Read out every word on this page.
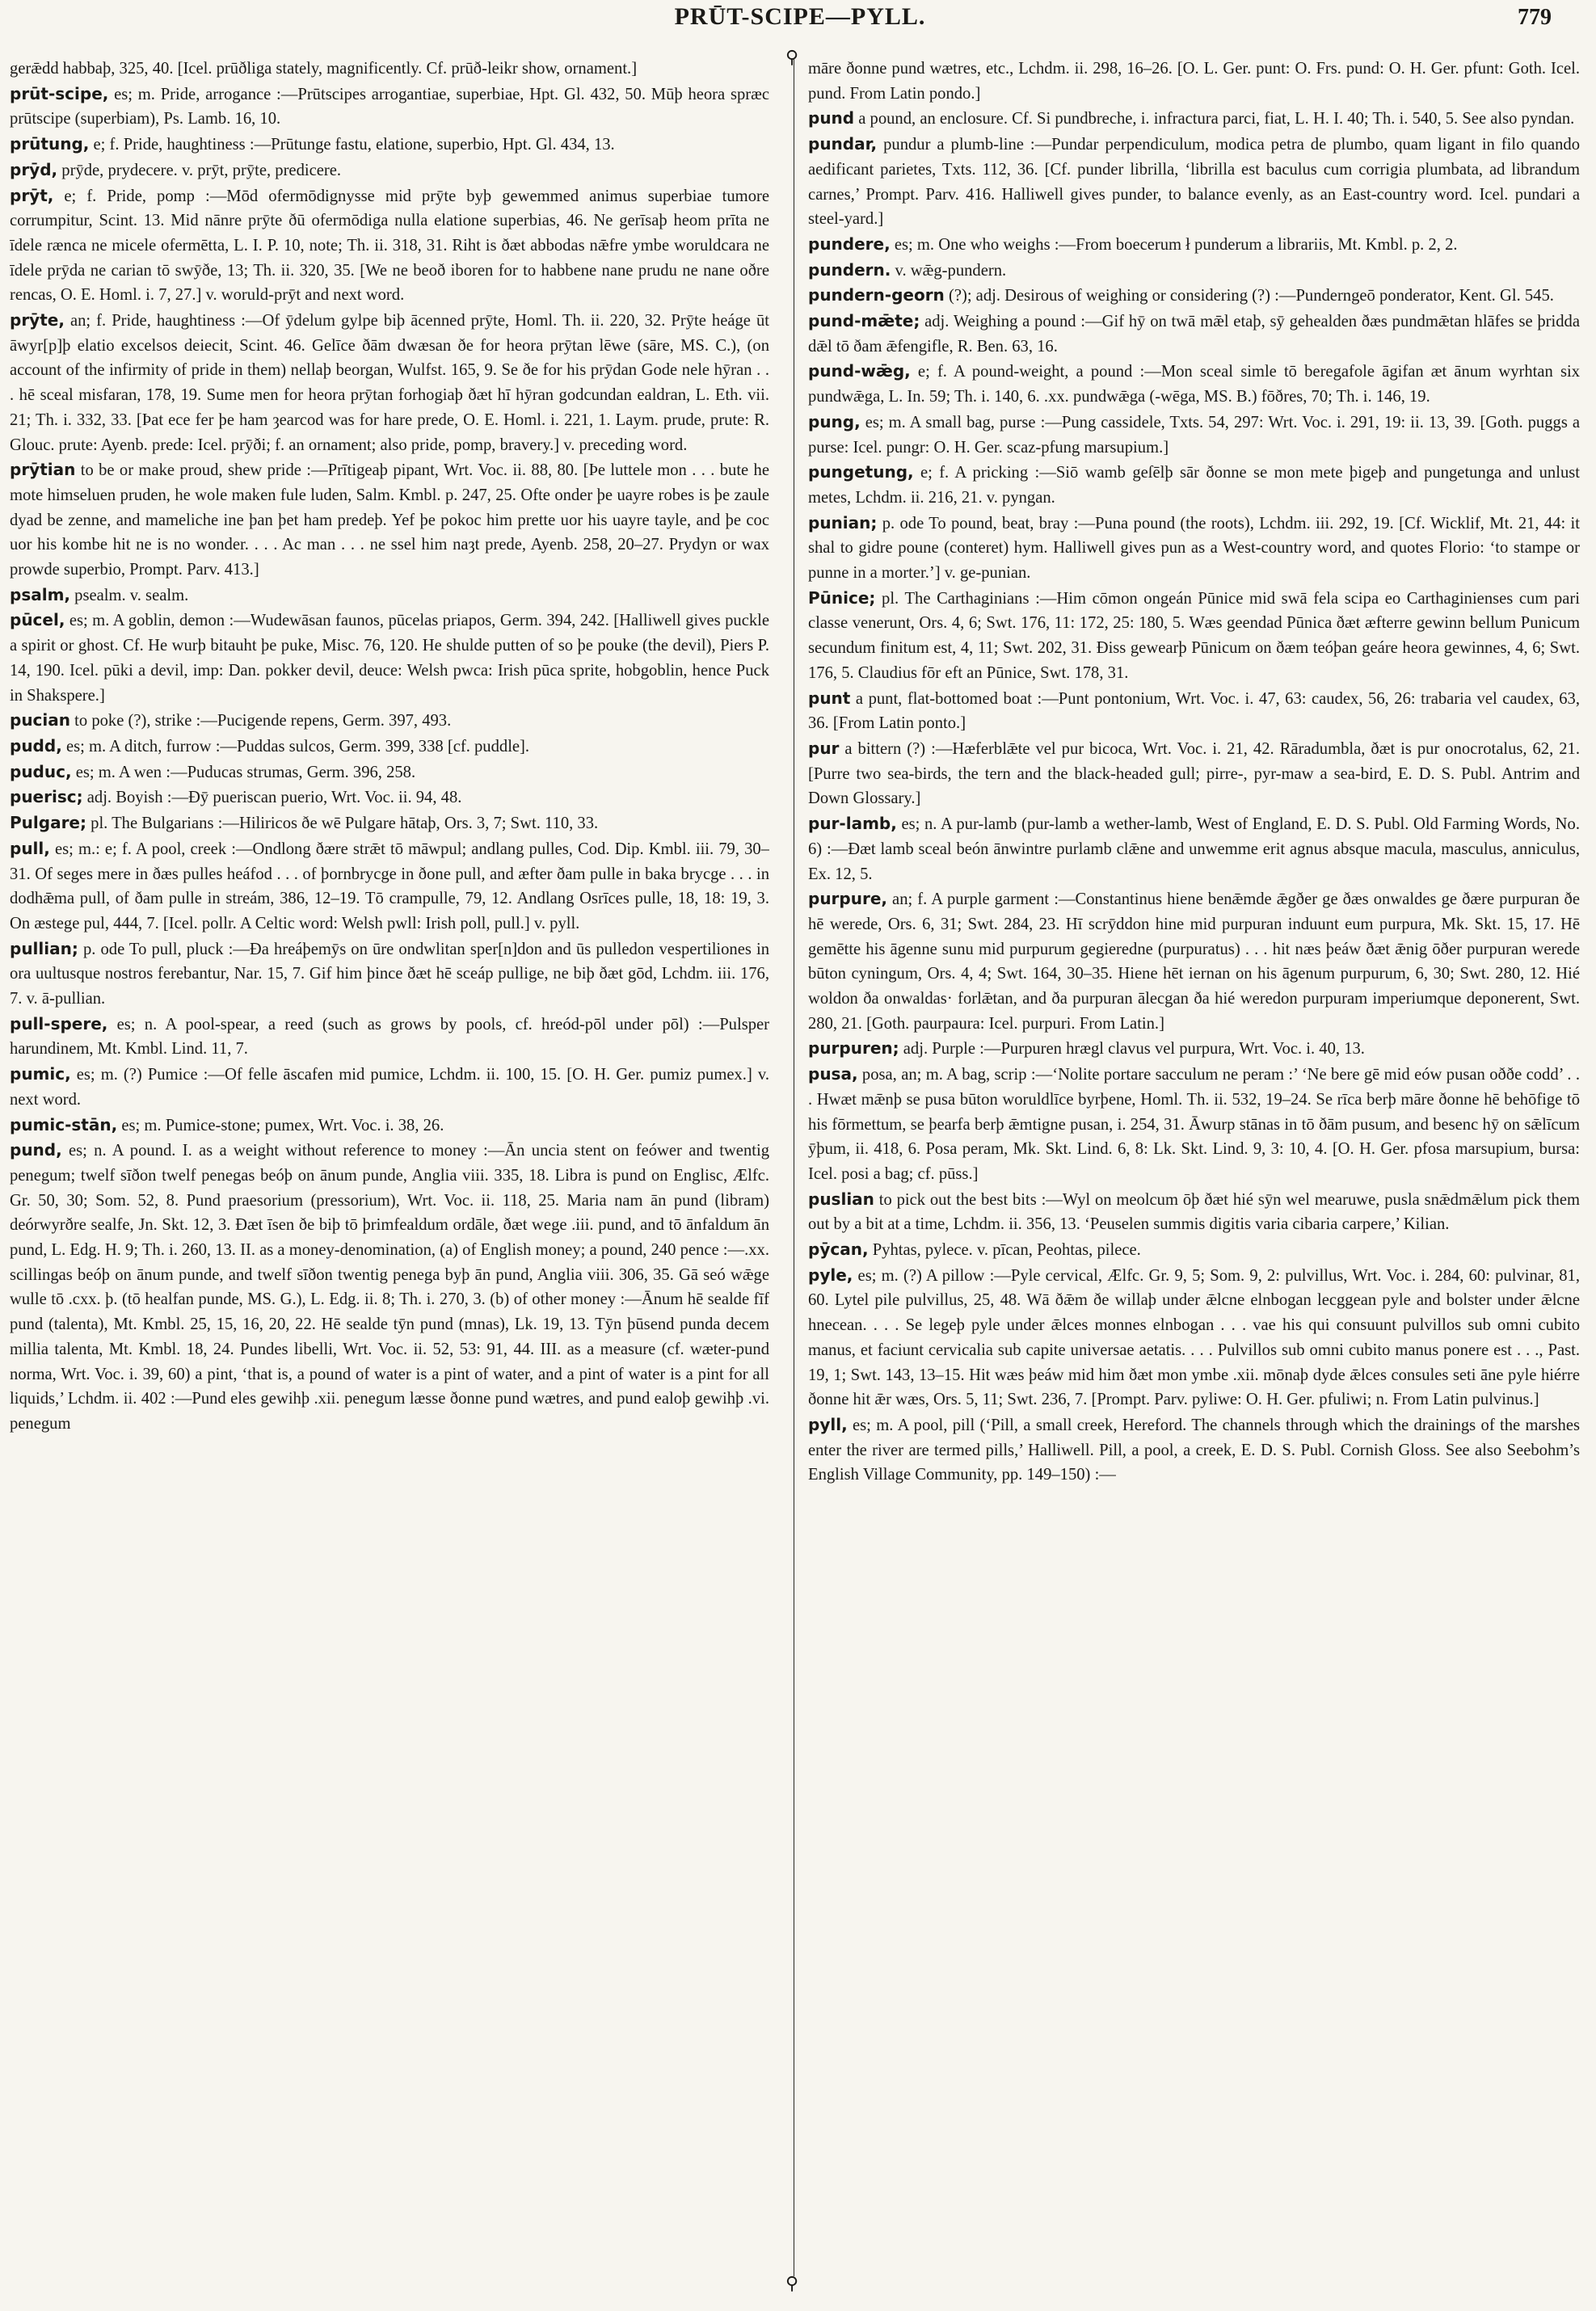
PRŪT-SCIPE—PYLL.	779
⚲
⚲

gerǣdd habbaþ, 325, 40. [Icel. prūðliga stately, magnificently. Cf. prūð-leikr show, ornament.]

prūt-scipe, es; m. Pride, arrogance :—Prūtscipes arrogantiae, superbiae, Hpt. Gl. 432, 50. Mūþ heora spræc prūtscipe (superbiam), Ps. Lamb. 16, 10.

prūtung, e; f. Pride, haughtiness :—Prūtunge fastu, elatione, superbio, Hpt. Gl. 434, 13.

prȳd, prȳde, prydecere. v. prȳt, prȳte, predicere.

prȳt, e; f. Pride, pomp :—Mōd ofermōdignysse mid prȳte byþ gewemmed animus superbiae tumore corrumpitur, Scint. 13. Mid nānre prȳte ðū ofermōdiga nulla elatione superbias, 46. Ne gerīsaþ heom prīta ne īdele ræncа ne micele ofermētta, L. I. P. 10, note; Th. ii. 318, 31. Riht is ðæt abbodas nǣfre ymbe woruldcara ne īdele prȳda ne carian tō swȳðe, 13; Th. ii. 320, 35. [We ne beoð iboren for to habbene nane prudu ne nane oðre rencas, O. E. Homl. i. 7, 27.] v. woruld-prȳt and next word.

prȳte, an; f. Pride, haughtiness :—Of ȳdelum gylpe biþ ācenned prȳte, Homl. Th. ii. 220, 32. Prȳte heáge ūt āwyr[p]þ elatio excelsos deiecit, Scint. 46. Gelīce ðām dwæsan ðe for heora prȳtan lēwe (sāre, MS. C.), (on account of the infirmity of pride in them) nellaþ beorgan, Wulfst. 165, 9. Se ðe for his prȳdan Gode nele hȳran . . . hē sceal misfaran, 178, 19. Sume men for heora prȳtan forhogiaþ ðæt hī hȳran godcundan ealdran, L. Eth. vii. 21; Th. i. 332, 33. [Þat ece fer þe ham ȝearcod was for hare prede, O. E. Homl. i. 221, 1. Laym. prude, prute: R. Glouc. prute: Ayenb. prede: Icel. prȳði; f. an ornament; also pride, pomp, bravery.] v. preceding word.

prȳtian to be or make proud, shew pride :—Prītigeaþ pipant, Wrt. Voc. ii. 88, 80. [Þe luttele mon . . . bute he mote himseluen pruden, he wole maken fule luden, Salm. Kmbl. p. 247, 25. Ofte onder þe uayre robes is þe zaule dyad be zenne, and mameliche ine þan þet ham predeþ. Yef þe pokoc him prette uor his uayre tayle, and þe coc uor his kombe hit ne is no wonder. . . . Ac man . . . ne ssel him naȝt prede, Ayenb. 258, 20–27. Prydyn or wax prowde superbio, Prompt. Parv. 413.]

psalm, psealm. v. sealm.

pūcel, es; m. A goblin, demon :—Wudewāsan faunos, pūcelas priapos, Germ. 394, 242. [Halliwell gives puckle a spirit or ghost. Cf. He wurþ bitauht þe puke, Misc. 76, 120. He shulde putten of so þe pouke (the devil), Piers P. 14, 190. Icel. pūki a devil, imp: Dan. pokker devil, deuce: Welsh pwca: Irish pūca sprite, hobgoblin, hence Puck in Shakspere.]

pucian to poke (?), strike :—Pucigende repens, Germ. 397, 493.

pudd, es; m. A ditch, furrow :—Puddas sulcos, Germ. 399, 338 [cf. puddle].

puduc, es; m. A wen :—Puducas strumas, Germ. 396, 258.

puerisc; adj. Boyish :—Ðȳ pueriscan puerio, Wrt. Voc. ii. 94, 48.

Pulgare; pl. The Bulgarians :—Hiliricos ðe wē Pulgare hātaþ, Ors. 3, 7; Swt. 110, 33.

pull, es; m.: e; f. A pool, creek :—Ondlong ðære strǣt tō māwpul; andlang pulles, Cod. Dip. Kmbl. iii. 79, 30–31. Of seges mere in ðæs pulles heáfod . . . of þornbrycge in ðone pull, and æfter ðam pulle in baka brycge . . . in dodhǣma pull, of ðam pulle in streám, 386, 12–19. Tō crampulle, 79, 12. Andlang Osrīces pulle, 18, 18: 19, 3. On æstege pul, 444, 7. [Icel. pollr. A Celtic word: Welsh pwll: Irish poll, pull.] v. pyll.

pullian; p. ode To pull, pluck :—Ða hreáþemȳs on ūre ondwlitan sper[n]don and ūs pulledon vespertiliones in ora uultusque nostros ferebantur, Nar. 15, 7. Gif him þince ðæt hē sceáp pullige, ne biþ ðæt gōd, Lchdm. iii. 176, 7. v. ā-pullian.

pull-spere, es; n. A pool-spear, a reed (such as grows by pools, cf. hreód-pōl under pōl) :—Pulsper harundinem, Mt. Kmbl. Lind. 11, 7.

pumic, es; m. (?) Pumice :—Of felle āscafen mid pumice, Lchdm. ii. 100, 15. [O. H. Ger. pumiz pumex.] v. next word.

pumic-stān, es; m. Pumice-stone; pumex, Wrt. Voc. i. 38, 26.

pund, es; n. A pound. I. as a weight without reference to money :—Ān uncia stent on feówer and twentig penegum; twelf sīðon twelf penegas beóþ on ānum punde, Anglia viii. 335, 18. Libra is pund on Englisc, Ælfc. Gr. 50, 30; Som. 52, 8. Pund praesorium (pressorium), Wrt. Voc. ii. 118, 25. Maria nam ān pund (libram) deórwyrðre sealfe, Jn. Skt. 12, 3. Ðæt īsen ðe biþ tō þrimfealdum ordāle, ðæt wege .iii. pund, and tō ānfaldum ān pund, L. Edg. H. 9; Th. i. 260, 13. II. as a money-denomination, (a) of English money; a pound, 240 pence :—.xx. scillingas beóþ on ānum punde, and twelf sīðon twentig penega byþ ān pund, Anglia viii. 306, 35. Gā seó wǣge wulle tō .cxx. þ. (tō healfan punde, MS. G.), L. Edg. ii. 8; Th. i. 270, 3. (b) of other money :—Ānum hē sealde fīf pund (talenta), Mt. Kmbl. 25, 15, 16, 20, 22. Hē sealde tȳn pund (mnas), Lk. 19, 13. Tȳn þūsend punda decem millia talenta, Mt. Kmbl. 18, 24. Pundes libelli, Wrt. Voc. ii. 52, 53: 91, 44. III. as a measure (cf. wæter-pund norma, Wrt. Voc. i. 39, 60) a pint, ‘that is, a pound of water is a pint of water, and a pint of water is a pint for all liquids,’ Lchdm. ii. 402 :—Pund eles gewihþ .xii. penegum læsse ðonne pund wætres, and pund ealoþ gewihþ .vi. penegum

māre ðonne pund wætres, etc., Lchdm. ii. 298, 16–26. [O. L. Ger. punt: O. Frs. pund: O. H. Ger. pfunt: Goth. Icel. pund. From Latin pondo.]

pund a pound, an enclosure. Cf. Si pundbreche, i. infractura parci, fiat, L. H. I. 40; Th. i. 540, 5. See also pyndan.

pundar, pundur a plumb-line :—Pundar perpendiculum, modica petra de plumbo, quam ligant in filo quando aedificant parietes, Txts. 112, 36. [Cf. punder librilla, ‘librilla est baculus cum corrigia plumbata, ad librandum carnes,’ Prompt. Parv. 416. Halliwell gives punder, to balance evenly, as an East-country word. Icel. pundari a steel-yard.]

pundere, es; m. One who weighs :—From boecerum ł punderum a librariis, Mt. Kmbl. p. 2, 2.

pundern. v. wǣg-pundern.

pundern-georn (?); adj. Desirous of weighing or considering (?) :—Punderngeō ponderator, Kent. Gl. 545.

pund-mǣte; adj. Weighing a pound :—Gif hȳ on twā mǣl etaþ, sȳ gehealden ðæs pundmǣtan hlāfes se þridda dǣl tō ðam ǣfengifle, R. Ben. 63, 16.

pund-wǣg, e; f. A pound-weight, a pound :—Mon sceal simle tō beregafole āgifan æt ānum wyrhtan six pundwǣga, L. In. 59; Th. i. 140, 6. .xx. pundwǣga (-wēga, MS. B.) fōðres, 70; Th. i. 146, 19.

pung, es; m. A small bag, purse :—Pung cassidele, Txts. 54, 297: Wrt. Voc. i. 291, 19: ii. 13, 39. [Goth. puggs a purse: Icel. pungr: O. H. Ger. scaz-pfung marsupium.]

pungetung, e; f. A pricking :—Siō wamb geſēlþ sār ðonne se mon mete þigeþ and pungetunga and unlust metes, Lchdm. ii. 216, 21. v. pyngan.

punian; p. ode To pound, beat, bray :—Puna pound (the roots), Lchdm. iii. 292, 19. [Cf. Wicklif, Mt. 21, 44: it shal to gidre poune (conteret) hym. Halliwell gives pun as a West-country word, and quotes Florio: ‘to stampe or punne in a morter.’] v. ge-punian.

Pūnice; pl. The Carthaginians :—Him cōmon ongeán Pūnice mid swā fela scipa eo Carthaginienses cum pari classe venerunt, Ors. 4, 6; Swt. 176, 11: 172, 25: 180, 5. Wæs geendad Pūnica ðæt æfterre gewinn bellum Punicum secundum finitum est, 4, 11; Swt. 202, 31. Ðiss gewearþ Pūnicum on ðæm teóþan geáre heora gewinnes, 4, 6; Swt. 176, 5. Claudius fōr eft an Pūnice, Swt. 178, 31.

punt a punt, flat-bottomed boat :—Punt pontonium, Wrt. Voc. i. 47, 63: caudex, 56, 26: trabaria vel caudex, 63, 36. [From Latin ponto.]

pur a bittern (?) :—Hæferblǣte vel pur bicoca, Wrt. Voc. i. 21, 42. Rāradumbla, ðæt is pur onocrotalus, 62, 21. [Purre two sea-birds, the tern and the black-headed gull; pirre-, pyr-maw a sea-bird, E. D. S. Publ. Antrim and Down Glossary.]

pur-lamb, es; n. A pur-lamb (pur-lamb a wether-lamb, West of England, E. D. S. Publ. Old Farming Words, No. 6) :—Ðæt lamb sceal beón ānwintre purlamb clǣne and unwemme erit agnus absque macula, masculus, anniculus, Ex. 12, 5.

purpure, an; f. A purple garment :—Constantinus hiene benǣmde ǣgðer ge ðæs onwaldes ge ðære purpuran ðe hē werede, Ors. 6, 31; Swt. 284, 23. Hī scrȳddon hine mid purpuran induunt eum purpura, Mk. Skt. 15, 17. Hē gemētte his āgenne sunu mid purpurum gegieredne (purpuratus) . . . hit næs þeáw ðæt ǣnig ōðer purpuran werede būton cyningum, Ors. 4, 4; Swt. 164, 30–35. Hiene hēt iernan on his āgenum purpurum, 6, 30; Swt. 280, 12. Hié woldon ða onwaldas· forlǣtan, and ða purpuran ālecgan ða hié weredon purpuram imperiumque deponerent, Swt. 280, 21. [Goth. paurpaura: Icel. purpuri. From Latin.]

purpuren; adj. Purple :—Purpuren hrægl clavus vel purpura, Wrt. Voc. i. 40, 13.

pusa, posa, an; m. A bag, scrip :—‘Nolite portare sacculum ne peram :’ ‘Ne bere gē mid eów pusan oððe codd’ . . . Hwæt mǣnþ se pusa būton woruldlīce byrþene, Homl. Th. ii. 532, 19–24. Se rīca berþ māre ðonne hē behōfige tō his fōrmettum, se þearfa berþ ǣmtigne pusan, i. 254, 31. Āwurp stānas in tō ðām pusum, and besenc hȳ on sǣlīcum ȳþum, ii. 418, 6. Posa peram, Mk. Skt. Lind. 6, 8: Lk. Skt. Lind. 9, 3: 10, 4. [O. H. Ger. pfosa marsupium, bursa: Icel. posi a bag; cf. pūss.]

puslian to pick out the best bits :—Wyl on meolcum ōþ ðæt hié sȳn wel mearuwe, pusla snǣdmǣlum pick them out by a bit at a time, Lchdm. ii. 356, 13. ‘Peuselen summis digitis varia cibaria carpere,’ Kilian.

pȳcan, Pyhtas, pylece. v. pīcan, Peohtas, pilece.

pyle, es; m. (?) A pillow :—Pyle cervical, Ælfc. Gr. 9, 5; Som. 9, 2: pulvillus, Wrt. Voc. i. 284, 60: pulvinar, 81, 60. Lytel pile pulvillus, 25, 48. Wā ðǣm ðe willaþ under ǣlcne elnbogan lecggean pyle and bolster under ǣlcne hnecean. . . . Se legeþ pyle under ǣlces monnes elnbogan . . . vae his qui consuunt pulvillos sub omni cubito manus, et faciunt cervicalia sub capite universae aetatis. . . . Pulvillos sub omni cubito manus ponere est . . ., Past. 19, 1; Swt. 143, 13–15. Hit wæs þeáw mid him ðæt mon ymbe .xii. mōnaþ dyde ǣlces consules seti āne pyle hiérre ðonne hit ǣr wæs, Ors. 5, 11; Swt. 236, 7. [Prompt. Parv. pyliwe: O. H. Ger. pfuliwi; n. From Latin pulvinus.]

pyll, es; m. A pool, pill (‘Pill, a small creek, Hereford. The channels through which the drainings of the marshes enter the river are termed pills,’ Halliwell. Pill, a pool, a creek, E. D. S. Publ. Cornish Gloss. See also Seebohm’s English Village Community, pp. 149–150) :—
